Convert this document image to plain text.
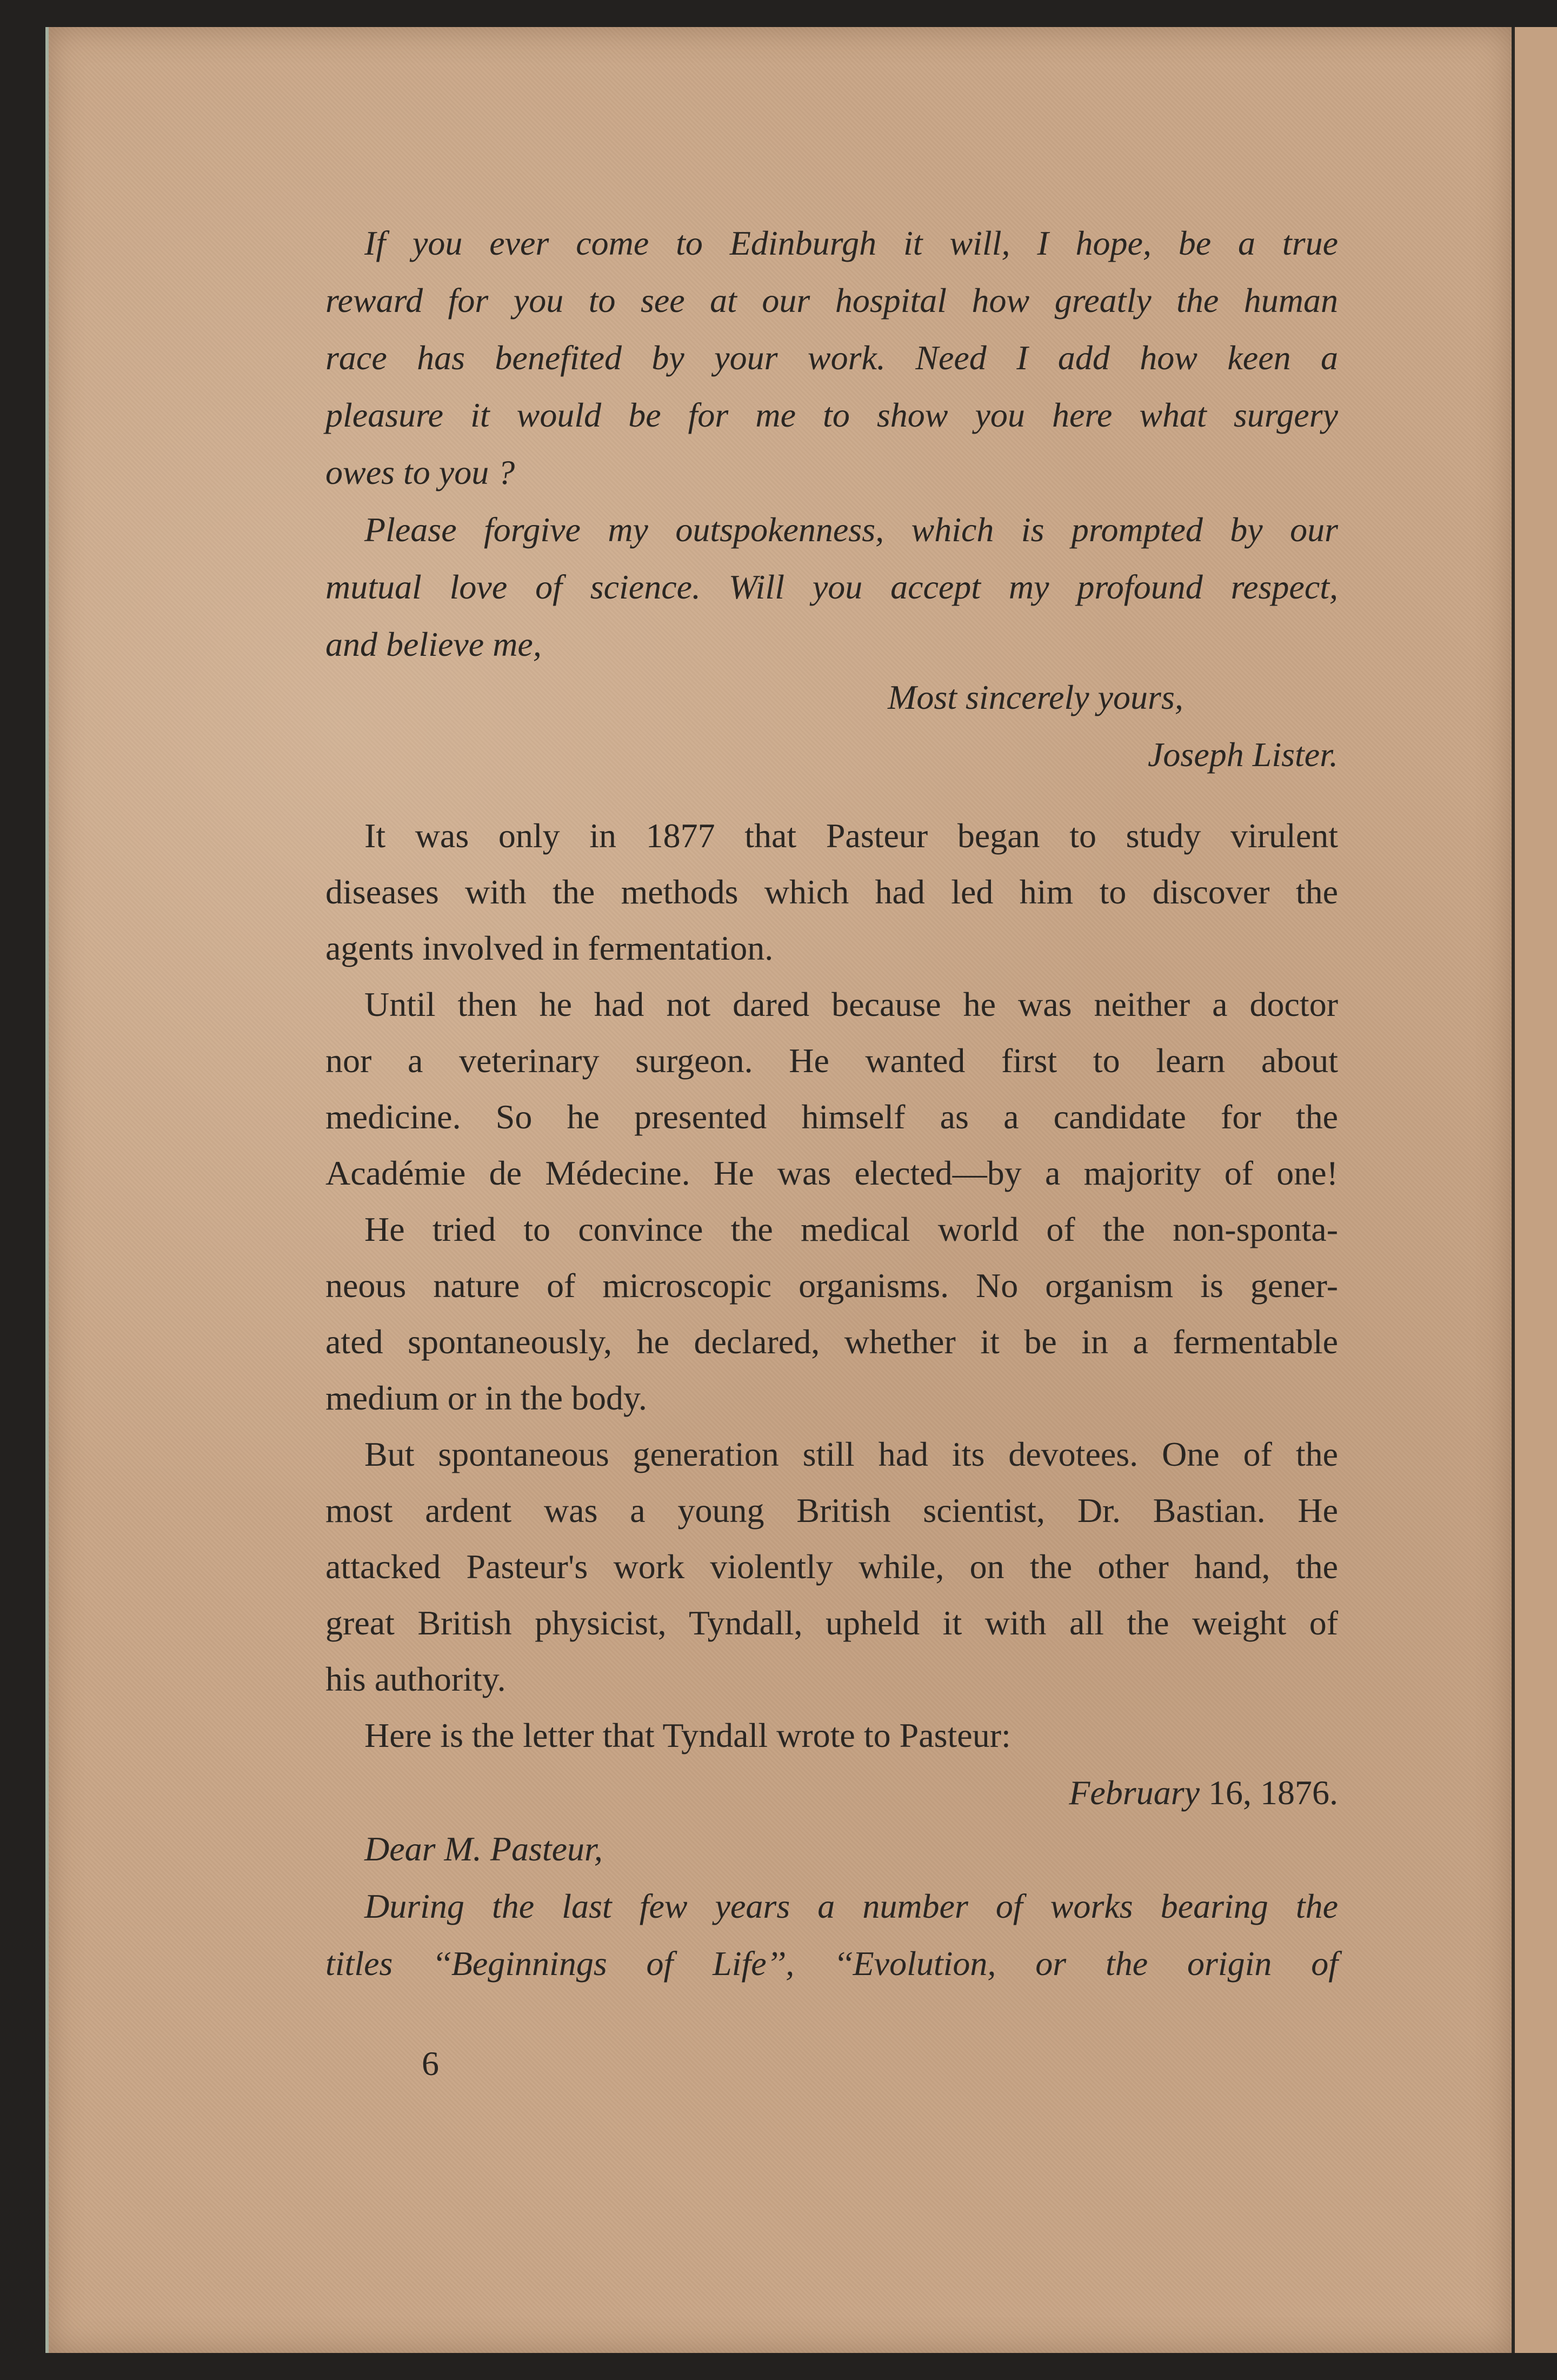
If you ever come to Edinburgh it will, I hope, be a true
reward for you to see at our hospital how greatly the human
race has benefited by your work. Need I add how keen a
pleasure it would be for me to show you here what surgery
owes to you ?
Please forgive my outspokenness, which is prompted by our
mutual love of science. Will you accept my profound respect,
and believe me,
Most sincerely yours,
Joseph Lister.
It was only in 1877 that Pasteur began to study virulent
diseases with the methods which had led him to discover the
agents involved in fermentation.
Until then he had not dared because he was neither a doctor
nor a veterinary surgeon. He wanted first to learn about
medicine. So he presented himself as a candidate for the
Académie de Médecine. He was elected—by a majority of one!
He tried to convince the medical world of the non-sponta-
neous nature of microscopic organisms. No organism is gener-
ated spontaneously, he declared, whether it be in a fermentable
medium or in the body.
But spontaneous generation still had its devotees. One of the
most ardent was a young British scientist, Dr. Bastian. He
attacked Pasteur's work violently while, on the other hand, the
great British physicist, Tyndall, upheld it with all the weight of
his authority.
Here is the letter that Tyndall wrote to Pasteur:
February 16, 1876.
Dear M. Pasteur,
During the last few years a number of works bearing the
titles ‘‘Beginnings of Life’’, ‘‘Evolution, or the origin of
6
